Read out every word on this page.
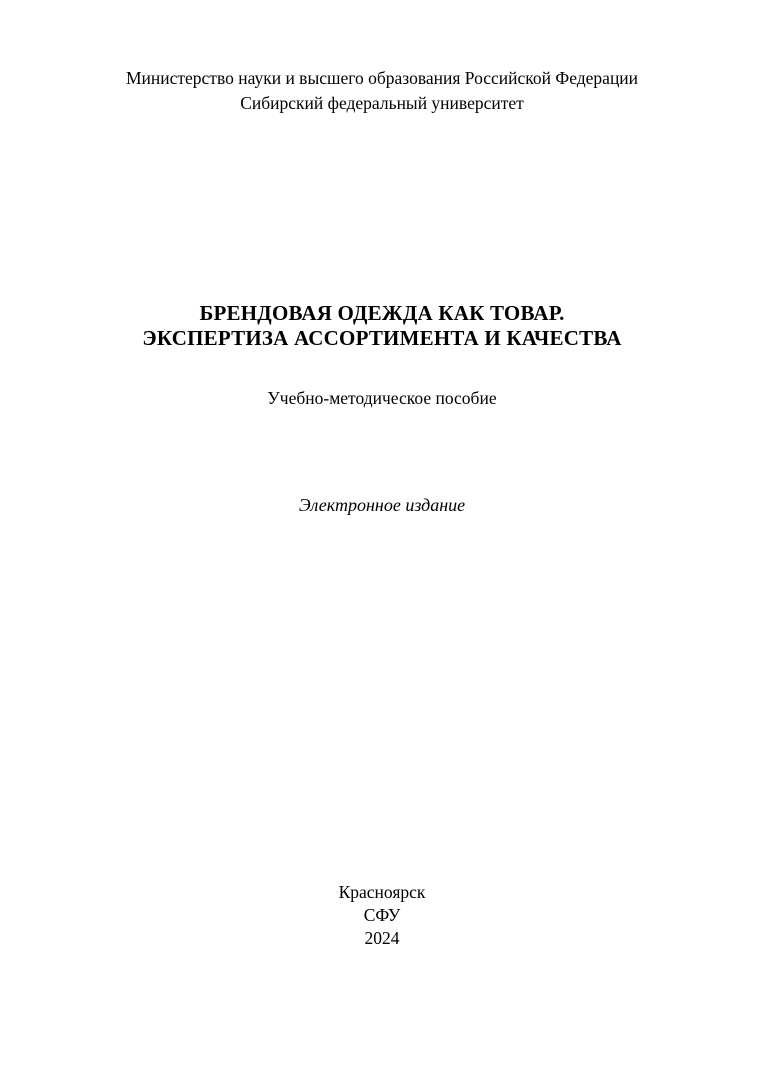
Министерство науки и высшего образования Российской Федерации
Сибирский федеральный университет
БРЕНДОВАЯ ОДЕЖДА КАК ТОВАР.
ЭКСПЕРТИЗА АССОРТИМЕНТА И КАЧЕСТВА
Учебно-методическое пособие
Электронное издание
Красноярск
СФУ
2024
